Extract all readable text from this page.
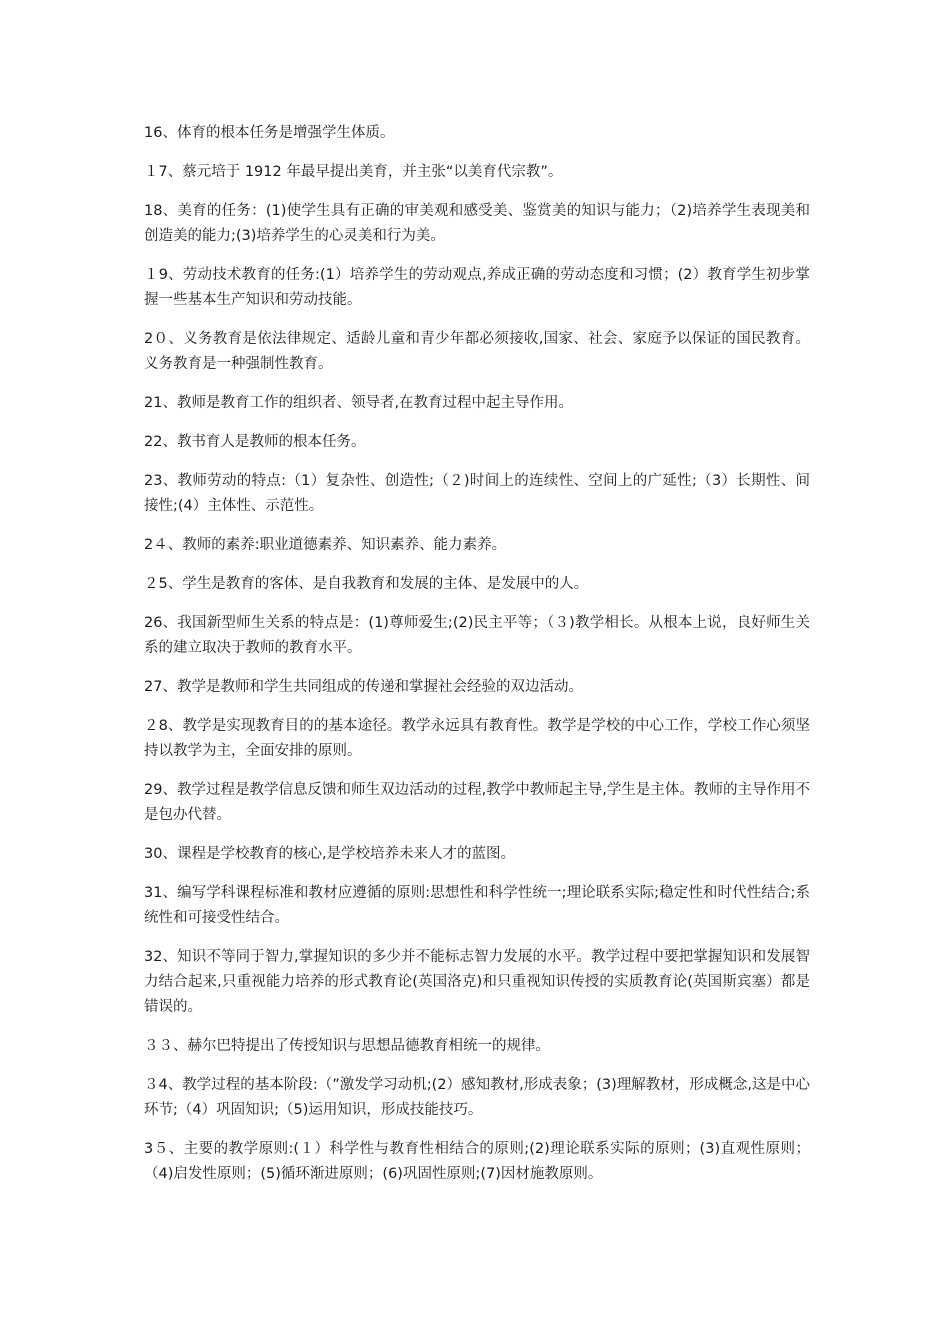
16、体育的根本任务是增强学生体质。

１7、蔡元培于 1912 年最早提出美育，并主张“以美育代宗教”。

18、美育的任务：(1)使学生具有正确的审美观和感受美、鉴赏美的知识与能力；（2)培养学生表现美和创造美的能力;(3)培养学生的心灵美和行为美。

１9、劳动技术教育的任务:(1）培养学生的劳动观点,养成正确的劳动态度和习惯；(2）教育学生初步掌握一些基本生产知识和劳动技能。

2０、义务教育是依法律规定、适龄儿童和青少年都必须接收,国家、社会、家庭予以保证的国民教育。义务教育是一种强制性教育。

21、教师是教育工作的组织者、领导者,在教育过程中起主导作用。

22、教书育人是教师的根本任务。

23、教师劳动的特点:（1）复杂性、创造性;（２)时间上的连续性、空间上的广延性;（3）长期性、间接性;(4）主体性、示范性。

2４、教师的素养:职业道德素养、知识素养、能力素养。

２5、学生是教育的客体、是自我教育和发展的主体、是发展中的人。

26、我国新型师生关系的特点是：(1)尊师爱生;(2)民主平等；（３)教学相长。从根本上说，良好师生关系的建立取决于教师的教育水平。

27、教学是教师和学生共同组成的传递和掌握社会经验的双边活动。

２8、教学是实现教育目的的基本途径。教学永远具有教育性。教学是学校的中心工作，学校工作心须坚持以教学为主，全面安排的原则。

29、教学过程是教学信息反馈和师生双边活动的过程,教学中教师起主导,学生是主体。教师的主导作用不是包办代替。

30、课程是学校教育的核心,是学校培养未来人才的蓝图。

31、编写学科课程标准和教材应遵循的原则:思想性和科学性统一;理论联系实际;稳定性和时代性结合;系统性和可接受性结合。

32、知识不等同于智力,掌握知识的多少并不能标志智力发展的水平。教学过程中要把掌握知识和发展智力结合起来,只重视能力培养的形式教育论(英国洛克)和只重视知识传授的实质教育论(英国斯宾塞）都是错误的。

３３、赫尔巴特提出了传授知识与思想品德教育相统一的规律。

３4、教学过程的基本阶段:（”激发学习动机;(2）感知教材,形成表象；(3)理解教材，形成概念,这是中心环节;（4）巩固知识;（5)运用知识，形成技能技巧。

3５、主要的教学原则:(１）科学性与教育性相结合的原则;(2)理论联系实际的原则；(3)直观性原则；（4)启发性原则；(5)循环渐进原则；(6)巩固性原则;(7)因材施教原则。
